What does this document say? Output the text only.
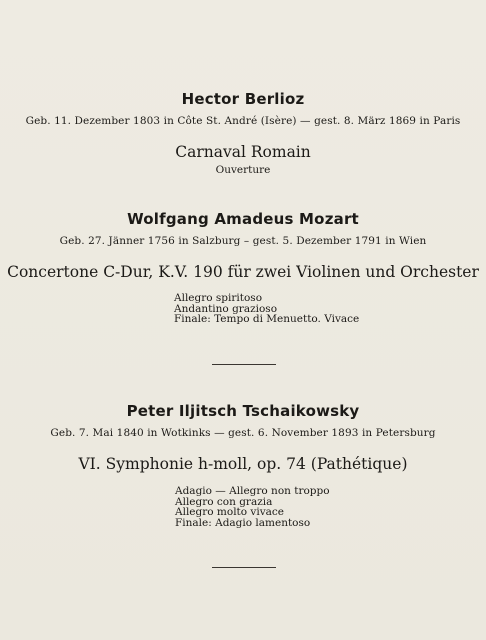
Hector Berlioz
Geb. 11. Dezember 1803 in Côte St. André (Isère) — gest. 8. März 1869 in Paris
Carnaval Romain
Ouverture
Wolfgang Amadeus Mozart
Geb. 27. Jänner 1756 in Salzburg – gest. 5. Dezember 1791 in Wien
Concertone C-Dur, K.V. 190 für zwei Violinen und Orchester
Allegro spiritoso
Andantino grazioso
Finale: Tempo di Menuetto. Vivace
Peter Iljitsch Tschaikowsky
Geb. 7. Mai 1840 in Wotkinks — gest. 6. November 1893 in Petersburg
VI. Symphonie h-moll, op. 74 (Pathétique)
Adagio — Allegro non troppo
Allegro con grazia
Allegro molto vivace
Finale: Adagio lamentoso
